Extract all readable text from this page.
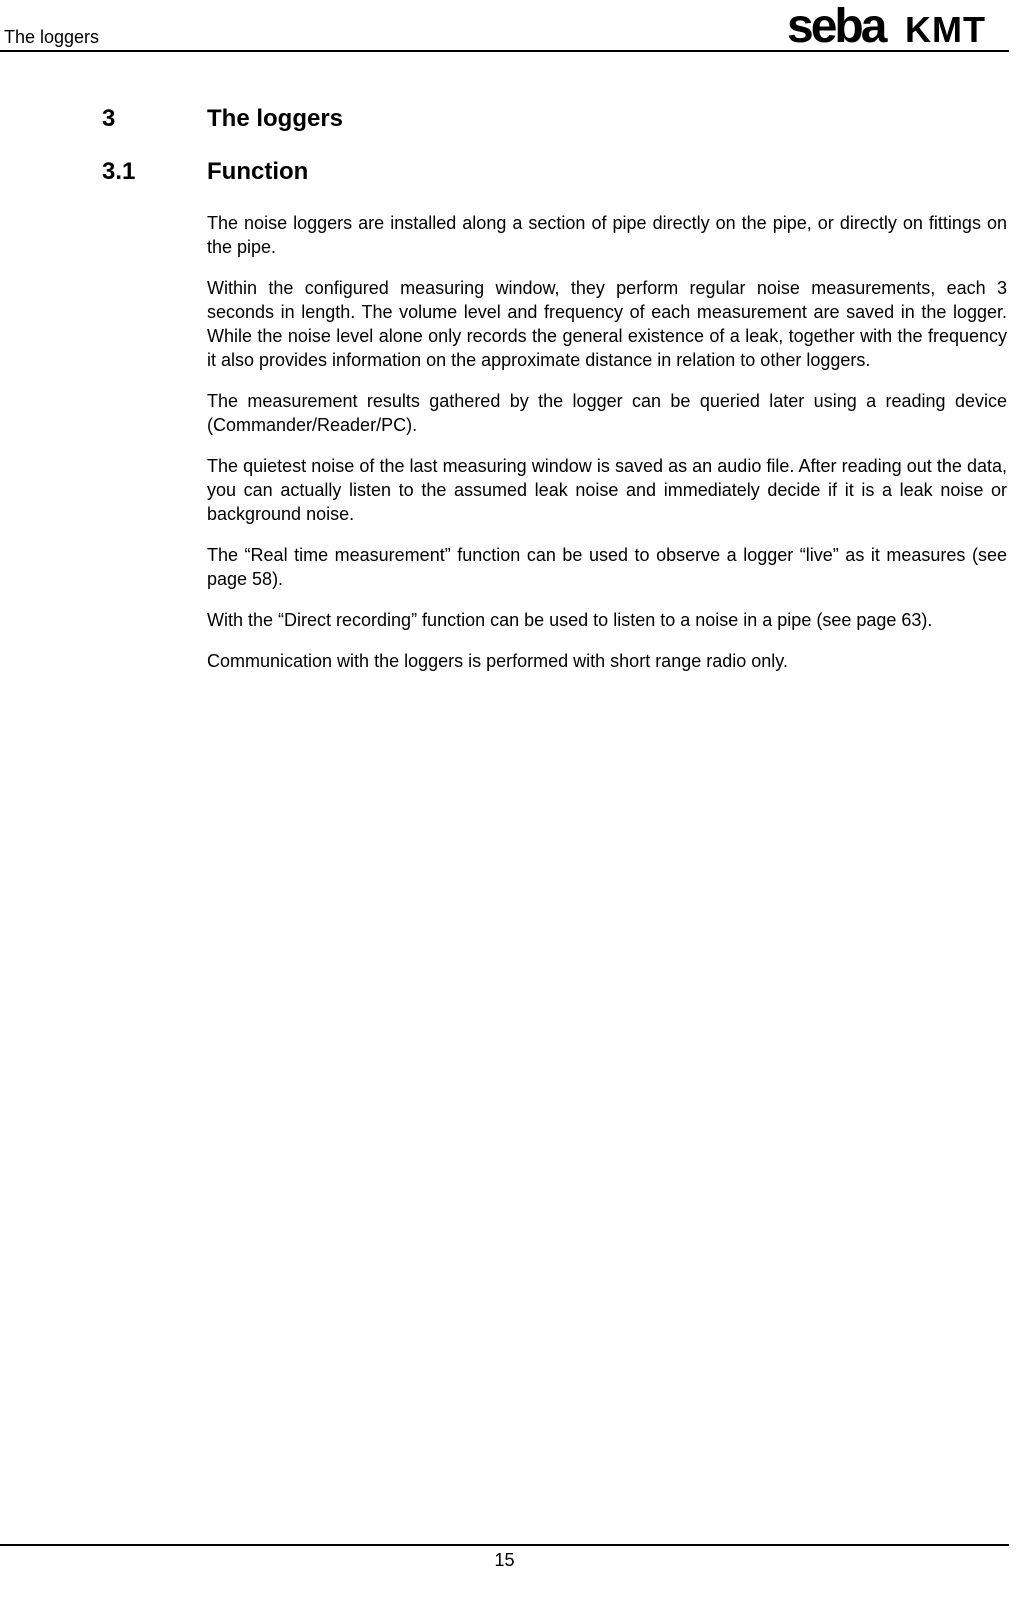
The loggers	seba KMT
3	The loggers
3.1	Function

The noise loggers are installed along a section of pipe directly on the pipe, or directly on fittings on the pipe.

Within the configured measuring window, they perform regular noise measurements, each 3 seconds in length. The volume level and frequency of each measurement are saved in the logger. While the noise level alone only records the general existence of a leak, together with the frequency it also provides information on the approximate distance in relation to other loggers.

The measurement results gathered by the logger can be queried later using a reading device (Commander/Reader/PC).

The quietest noise of the last measuring window is saved as an audio file. After reading out the data, you can actually listen to the assumed leak noise and immediately decide if it is a leak noise or background noise.

The “Real time measurement” function can be used to observe a logger “live” as it measures (see page 58).

With the “Direct recording” function can be used to listen to a noise in a pipe (see page 63).

Communication with the loggers is performed with short range radio only.

15
